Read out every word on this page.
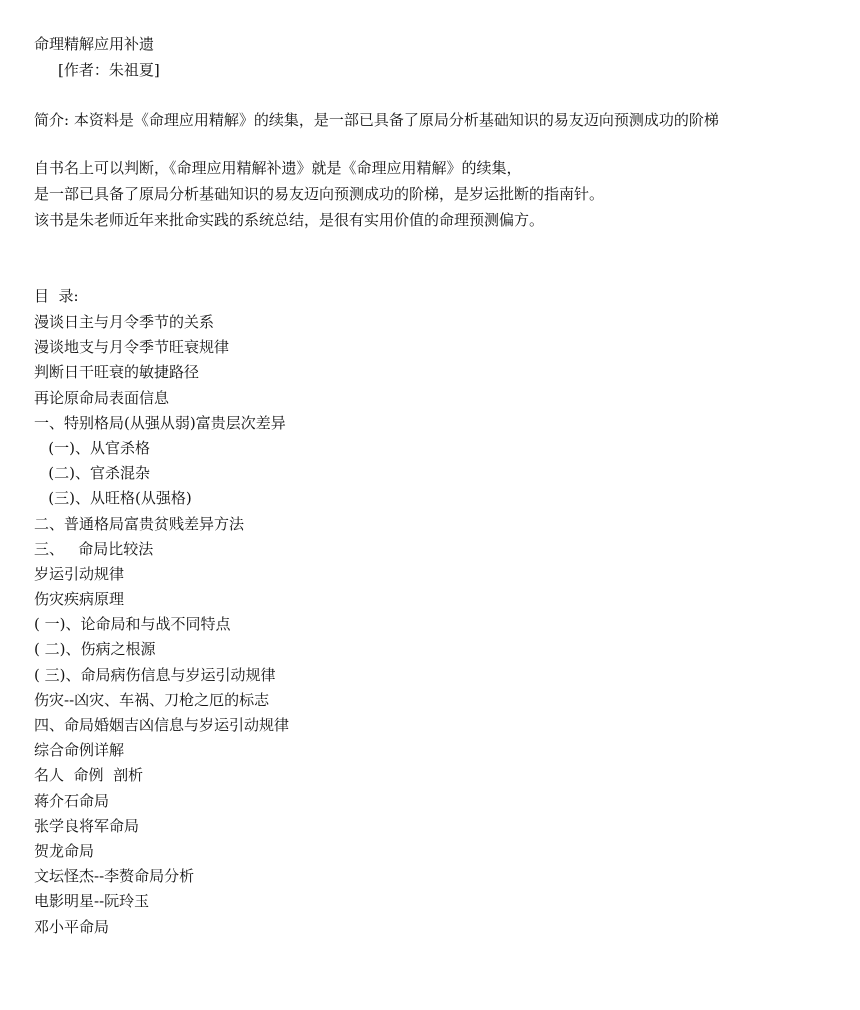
命理精解应用补遗
[作者：朱祖夏]
简介: 本资料是《命理应用精解》的续集，是一部已具备了原局分析基础知识的易友迈向预测成功的阶梯
自书名上可以判断，《命理应用精解补遗》就是《命理应用精解》的续集，
是一部已具备了原局分析基础知识的易友迈向预测成功的阶梯，是岁运批断的指南针。
该书是朱老师近年来批命实践的系统总结，是很有实用价值的命理预测偏方。
目  录:
漫谈日主与月令季节的关系
漫谈地支与月令季节旺衰规律
判断日干旺衰的敏捷路径
再论原命局表面信息
一、特别格局(从强从弱)富贵层次差异
(一)、从官杀格
(二)、官杀混杂
(三)、从旺格(从强格)
二、普通格局富贵贫贱差异方法
三、   命局比较法
岁运引动规律
伤灾疾病原理
( 一)、论命局和与战不同特点
( 二)、伤病之根源
( 三)、命局病伤信息与岁运引动规律
伤灾--凶灾、车祸、刀枪之厄的标志
四、命局婚姻吉凶信息与岁运引动规律
综合命例详解
名人  命例  剖析
蒋介石命局
张学良将军命局
贺龙命局
文坛怪杰--李赘命局分析
电影明星--阮玲玉
邓小平命局
